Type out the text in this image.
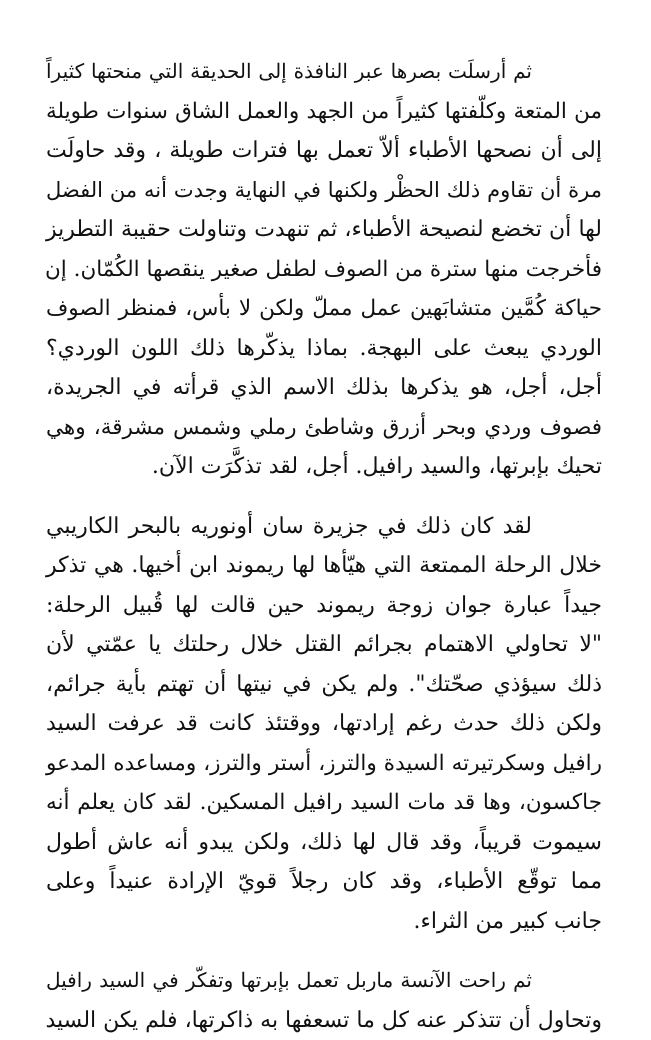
ثم أرسلَت بصرها عبر النافذة إلى الحديقة التي منحتها كثيراً
من المتعة وكلّفتها كثيراً من الجهد والعمل الشاق سنوات طويلة
إلى أن نصحها الأطباء ألاّ تعمل بها فترات طويلة ، وقد حاولَت
مرة أن تقاوم ذلك الحظْر ولكنها في النهاية وجدت أنه من الفضل
لها أن تخضع لنصيحة الأطباء، ثم تنهدت وتناولت حقيبة التطريز
فأخرجت منها سترة من الصوف لطفل صغير ينقصها الكُمّان. إن
حياكة كُمَّين متشابَهين عمل مملّ ولكن لا بأس، فمنظر الصوف
الوردي يبعث على البهجة. بماذا يذكّرها ذلك اللون الوردي؟
أجل، أجل، هو يذكرها بذلك الاسم الذي قرأته في الجريدة،
فصوف وردي وبحر أزرق وشاطئ رملي وشمس مشرقة، وهي
تحيك بإبرتها، والسيد رافيل. أجل، لقد تذكَّرَت الآن.
لقد كان ذلك في جزيرة سان أونوريه بالبحر الكاريبي
خلال الرحلة الممتعة التي هيّأها لها ريموند ابن أخيها. هي تذكر
جيداً عبارة جوان زوجة ريموند حين قالت لها قُبيل الرحلة:
"لا تحاولي الاهتمام بجرائم القتل خلال رحلتك يا عمّتي لأن
ذلك سيؤذي صحّتك". ولم يكن في نيتها أن تهتم بأية جرائم،
ولكن ذلك حدث رغم إرادتها، ووقتئذ كانت قد عرفت السيد
رافيل وسكرتيرته السيدة والترز، أستر والترز، ومساعده المدعو
جاكسون، وها قد مات السيد رافيل المسكين. لقد كان يعلم أنه
سيموت قريباً، وقد قال لها ذلك، ولكن يبدو أنه عاش أطول
مما توقّع الأطباء، وقد كان رجلاً قويّ الإرادة عنيداً وعلى
جانب كبير من الثراء.
ثم راحت الآنسة ماربل تعمل بإبرتها وتفكّر في السيد رافيل
وتحاول أن تتذكر عنه كل ما تسعفها به ذاكرتها، فلم يكن السيد
